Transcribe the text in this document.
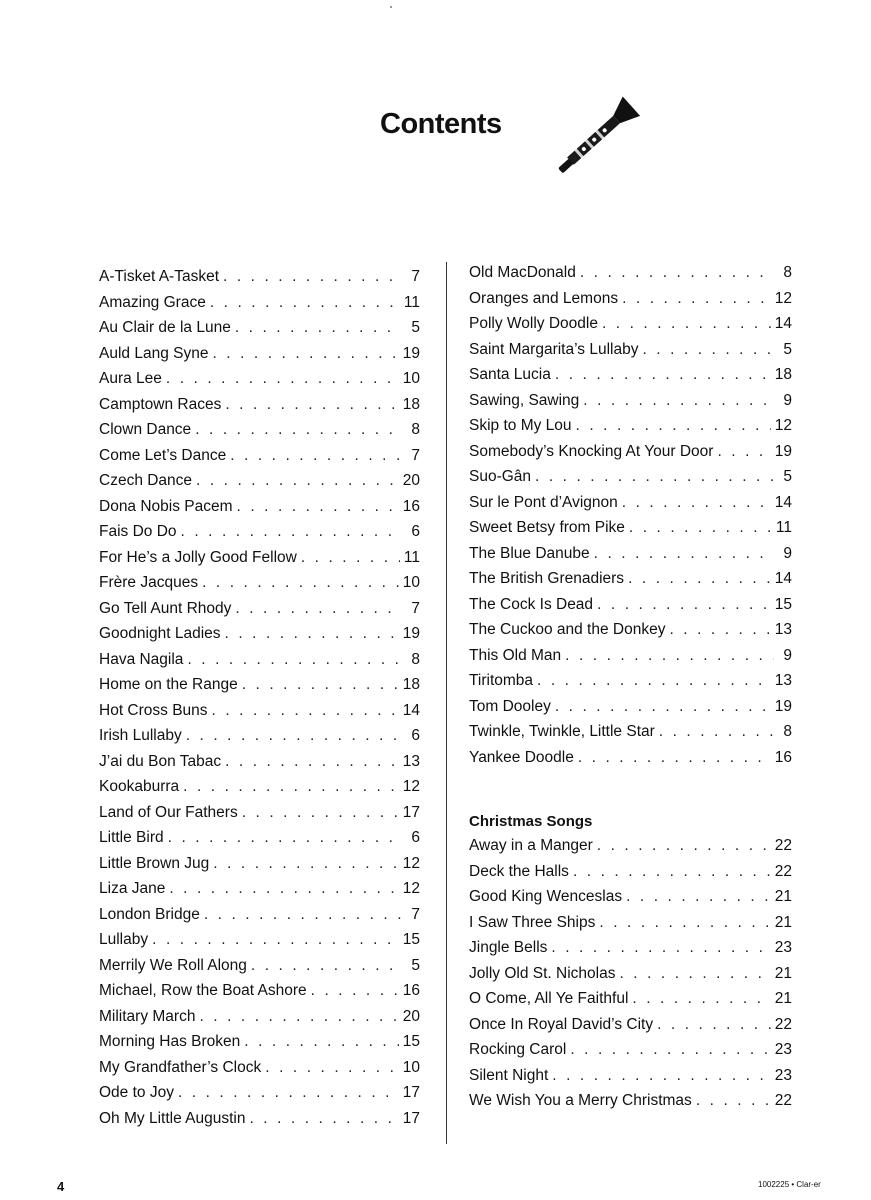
Contents
A-Tisket A-Tasket . . .	7
Amazing Grace . . .	11
Au Clair de la Lune . . .	5
Auld Lang Syne . . .	19
Aura Lee . . .	10
Camptown Races . . .	18
Clown Dance . . .	8
Come Let’s Dance . . .	7
Czech Dance . . .	20
Dona Nobis Pacem . . .	16
Fais Do Do . . .	6
For He’s a Jolly Good Fellow . . .	11
Frère Jacques . . .	10
Go Tell Aunt Rhody . . .	7
Goodnight Ladies . . .	19
Hava Nagila . . .	8
Home on the Range . . .	18
Hot Cross Buns . . .	14
Irish Lullaby . . .	6
J’ai du Bon Tabac . . .	13
Kookaburra . . .	12
Land of Our Fathers . . .	17
Little Bird . . .	6
Little Brown Jug . . .	12
Liza Jane . . .	12
London Bridge . . .	7
Lullaby . . .	15
Merrily We Roll Along . . .	5
Michael, Row the Boat Ashore . . .	16
Military March . . .	20
Morning Has Broken . . .	15
My Grandfather’s Clock . . .	10
Ode to Joy . . .	17
Oh My Little Augustin . . .	17
Old MacDonald . . .	8
Oranges and Lemons . . .	12
Polly Wolly Doodle . . .	14
Saint Margarita’s Lullaby . . .	5
Santa Lucia . . .	18
Sawing, Sawing . . .	9
Skip to My Lou . . .	12
Somebody’s Knocking At Your Door . . .	19
Suo-Gân . . .	5
Sur le Pont d’Avignon . . .	14
Sweet Betsy from Pike . . .	11
The Blue Danube . . .	9
The British Grenadiers . . .	14
The Cock Is Dead . . .	15
The Cuckoo and the Donkey . . .	13
This Old Man . . .	9
Tiritomba . . .	13
Tom Dooley . . .	19
Twinkle, Twinkle, Little Star . . .	8
Yankee Doodle . . .	16
Christmas Songs
Away in a Manger . . .	22
Deck the Halls . . .	22
Good King Wenceslas . . .	21
I Saw Three Ships . . .	21
Jingle Bells . . .	23
Jolly Old St. Nicholas . . .	21
O Come, All Ye Faithful . . .	21
Once In Royal David’s City . . .	22
Rocking Carol . . .	23
Silent Night . . .	23
We Wish You a Merry Christmas . . .	22
4	1002225 • Clar-er
